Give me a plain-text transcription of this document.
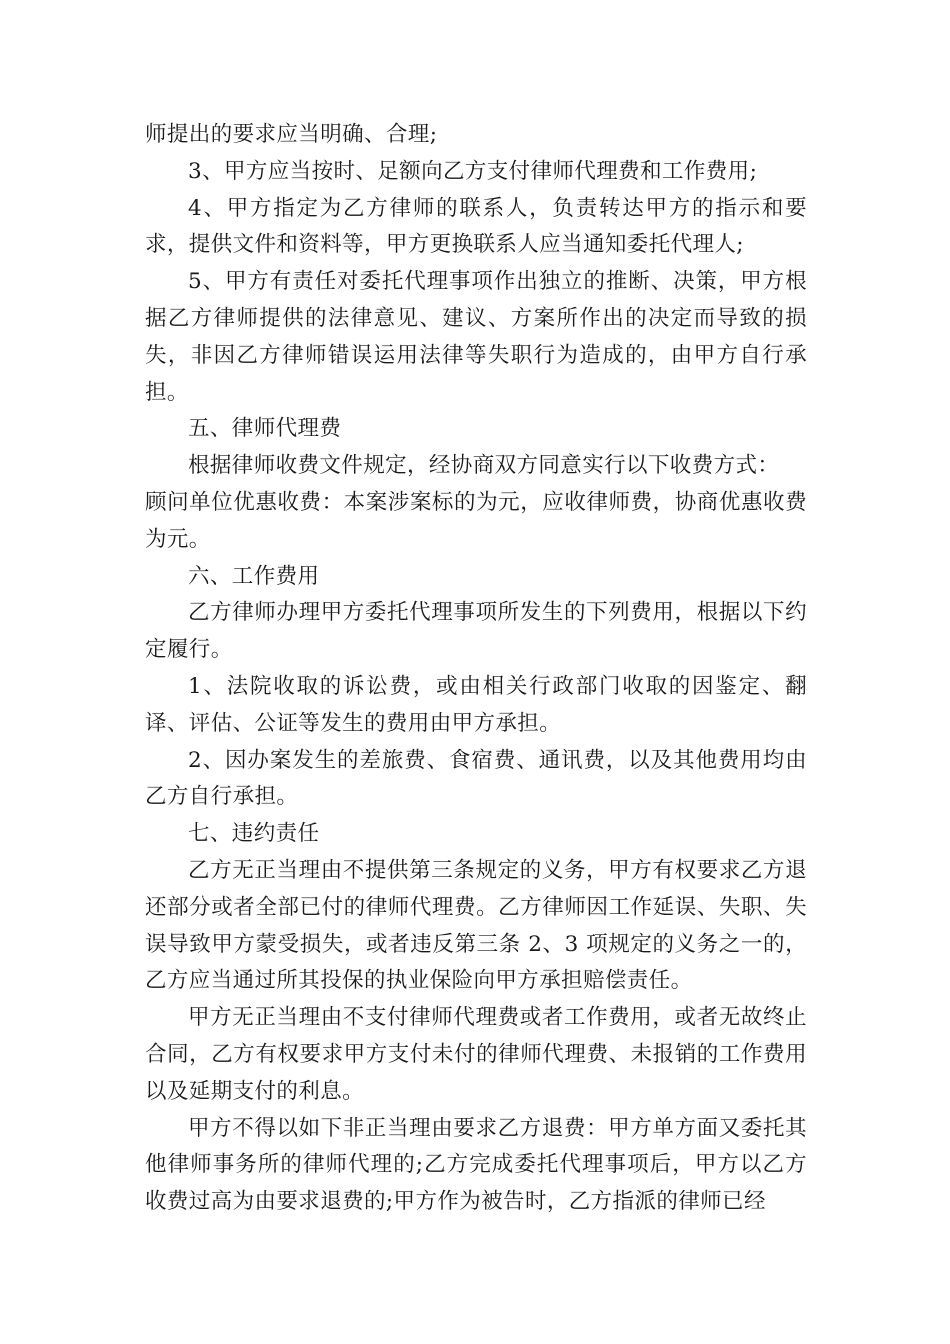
师提出的要求应当明确、合理;

3、甲方应当按时、足额向乙方支付律师代理费和工作费用;

4、甲方指定为乙方律师的联系人，负责转达甲方的指示和要求，提供文件和资料等，甲方更换联系人应当通知委托代理人;

5、甲方有责任对委托代理事项作出独立的推断、决策，甲方根据乙方律师提供的法律意见、建议、方案所作出的决定而导致的损失，非因乙方律师错误运用法律等失职行为造成的，由甲方自行承担。

五、律师代理费

根据律师收费文件规定，经协商双方同意实行以下收费方式：

顾问单位优惠收费：本案涉案标的为元，应收律师费，协商优惠收费为元。

六、工作费用

乙方律师办理甲方委托代理事项所发生的下列费用，根据以下约定履行。

1、法院收取的诉讼费，或由相关行政部门收取的因鉴定、翻译、评估、公证等发生的费用由甲方承担。

2、因办案发生的差旅费、食宿费、通讯费，以及其他费用均由乙方自行承担。

七、违约责任

乙方无正当理由不提供第三条规定的义务，甲方有权要求乙方退还部分或者全部已付的律师代理费。乙方律师因工作延误、失职、失误导致甲方蒙受损失，或者违反第三条 2、3 项规定的义务之一的，乙方应当通过所其投保的执业保险向甲方承担赔偿责任。

甲方无正当理由不支付律师代理费或者工作费用，或者无故终止合同，乙方有权要求甲方支付未付的律师代理费、未报销的工作费用以及延期支付的利息。

甲方不得以如下非正当理由要求乙方退费：甲方单方面又委托其他律师事务所的律师代理的;乙方完成委托代理事项后，甲方以乙方收费过高为由要求退费的;甲方作为被告时，乙方指派的律师已经
